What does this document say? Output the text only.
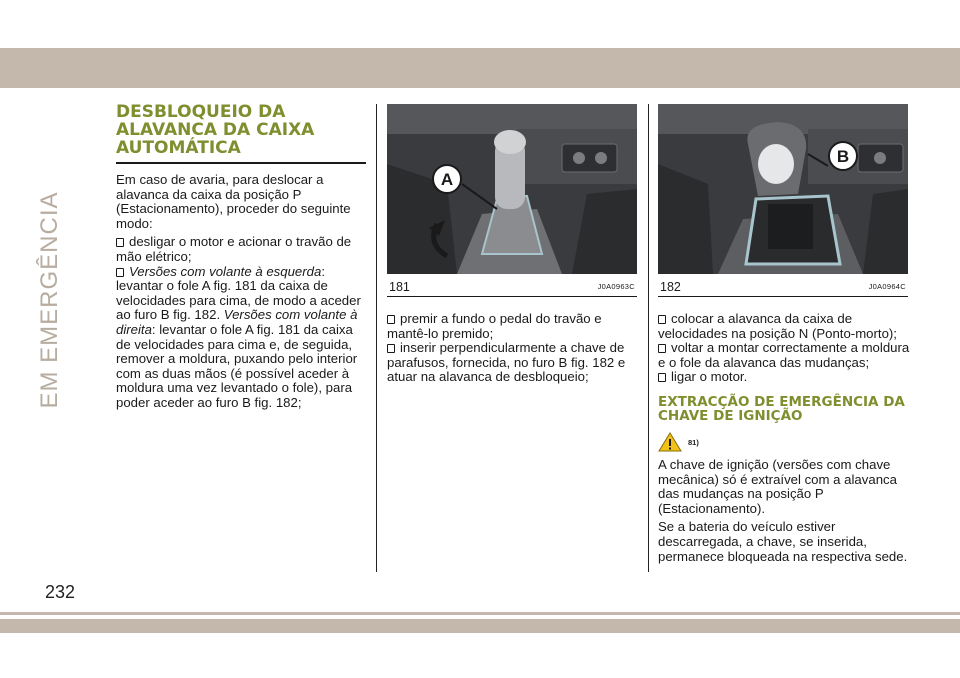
EM EMERGÊNCIA
232
DESBLOQUEIO DA ALAVANCA DA CAIXA AUTOMÁTICA

Em caso de avaria, para deslocar a alavanca da caixa da posição P (Estacionamento), proceder do seguinte modo:

desligar o motor e acionar o travão de mão elétrico;
Versões com volante à esquerda: levantar o fole A fig. 181 da caixa de velocidades para cima, de modo a aceder ao furo B fig. 182. Versões com volante à direita: levantar o fole A fig. 181 da caixa de velocidades para cima e, de seguida, remover a moldura, puxando pelo interior com as duas mãos (é possível aceder à moldura uma vez levantado o fole), para poder aceder ao furo B fig. 182;
A
181	J0A0963C
B
182	J0A0964C
premir a fundo o pedal do travão e mantê-lo premido;
inserir perpendicularmente a chave de parafusos, fornecida, no furo B fig. 182 e atuar na alavanca de desbloqueio;
colocar a alavanca da caixa de velocidades na posição N (Ponto-morto);
voltar a montar correctamente a moldura e o fole da alavanca das mudanças;
ligar o motor.
EXTRACÇÃO DE EMERGÊNCIA DA CHAVE DE IGNIÇÃO
81)

A chave de ignição (versões com chave mecânica) só é extraível com a alavanca das mudanças na posição P (Estacionamento).

Se a bateria do veículo estiver descarregada, a chave, se inserida, permanece bloqueada na respectiva sede.
